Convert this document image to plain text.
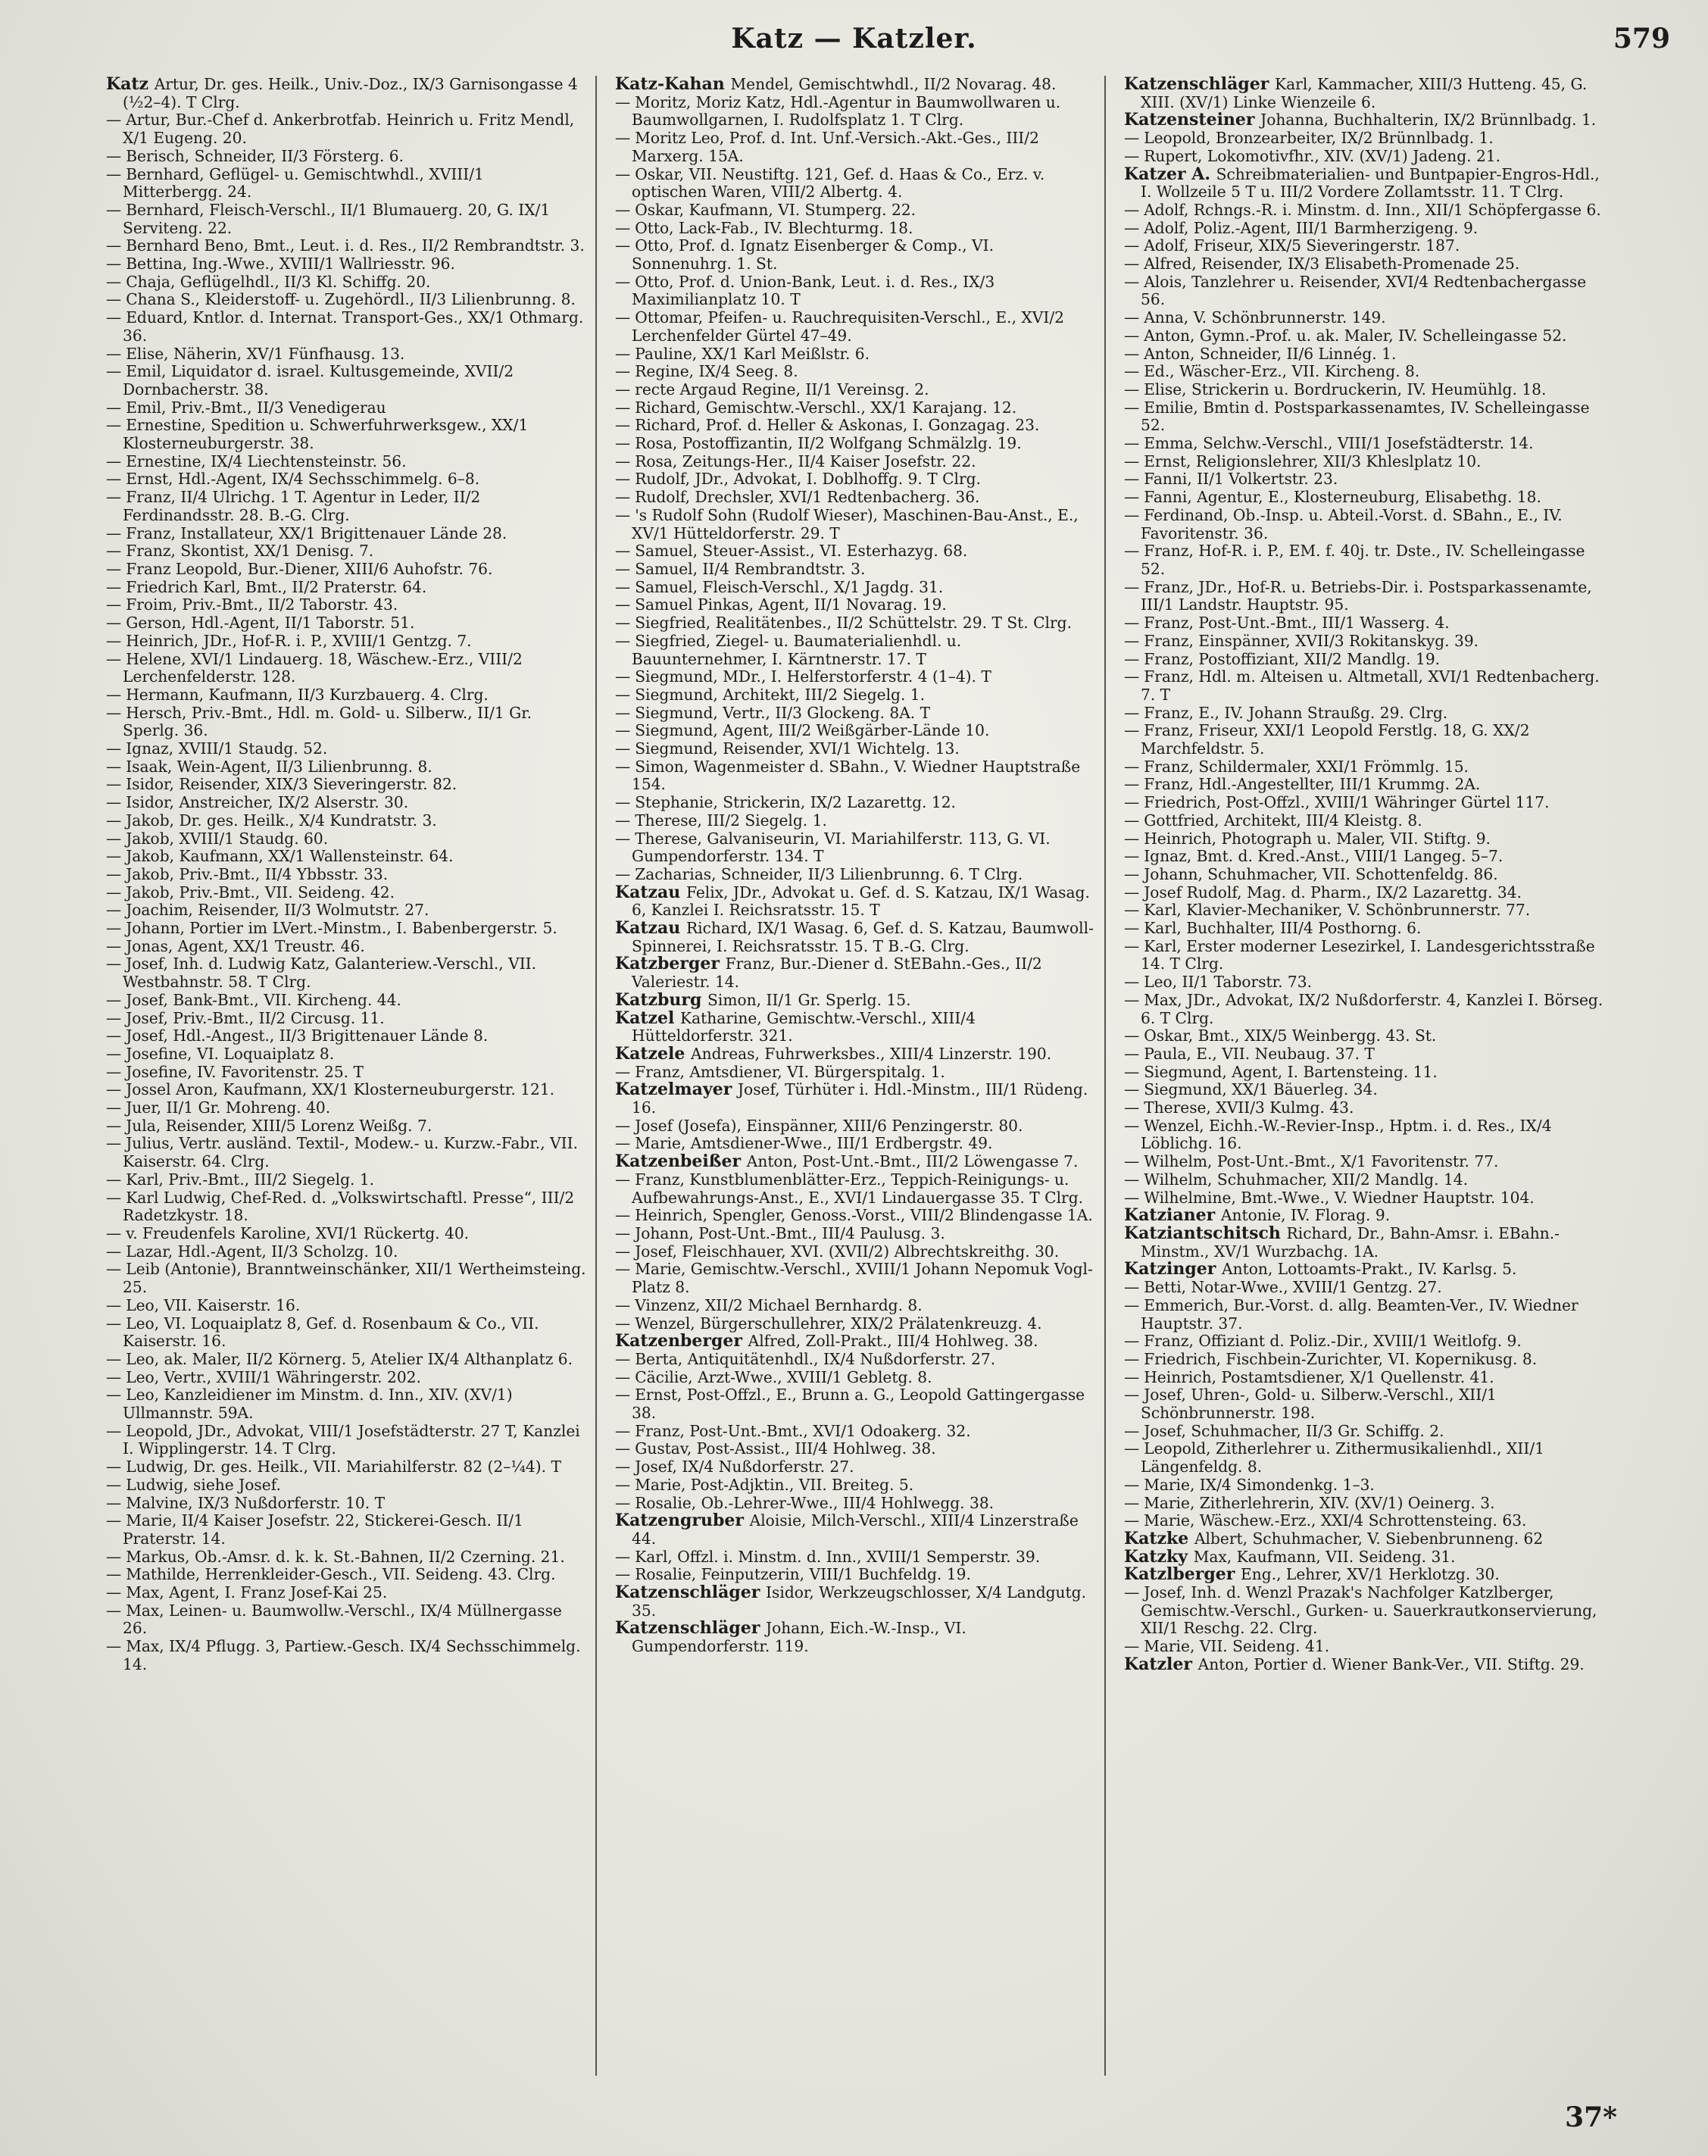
Katz — Katzler.	579
Katz Artur, Dr. ges. Heilk., Univ.-Doz., IX/3 Garnisongasse 4 (½2–4). T Clrg.
— Artur, Bur.-Chef d. Ankerbrotfab. Heinrich u. Fritz Mendl, X/1 Eugeng. 20.
— Berisch, Schneider, II/3 Försterg. 6.
— Bernhard, Geflügel- u. Gemischtwhdl., XVIII/1 Mitterbergg. 24.
— Bernhard, Fleisch-Verschl., II/1 Blumauerg. 20, G. IX/1 Serviteng. 22.
— Bernhard Beno, Bmt., Leut. i. d. Res., II/2 Rembrandtstr. 3.
— Bettina, Ing.-Wwe., XVIII/1 Wallriesstr. 96.
— Chaja, Geflügelhdl., II/3 Kl. Schiffg. 20.
— Chana S., Kleiderstoff- u. Zugehördl., II/3 Lilienbrunng. 8.
— Eduard, Kntlor. d. Internat. Transport-Ges., XX/1 Othmarg. 36.
— Elise, Näherin, XV/1 Fünfhausg. 13.
— Emil, Liquidator d. israel. Kultusgemeinde, XVII/2 Dornbacherstr. 38.
— Emil, Priv.-Bmt., II/3 Venedigerau
— Ernestine, Spedition u. Schwerfuhrwerksgew., XX/1 Klosterneuburgerstr. 38.
— Ernestine, IX/4 Liechtensteinstr. 56.
— Ernst, Hdl.-Agent, IX/4 Sechsschimmelg. 6–8.
— Franz, II/4 Ulrichg. 1 T. Agentur in Leder, II/2 Ferdinandsstr. 28. B.-G. Clrg.
— Franz, Installateur, XX/1 Brigittenauer Lände 28.
— Franz, Skontist, XX/1 Denisg. 7.
— Franz Leopold, Bur.-Diener, XIII/6 Auhofstr. 76.
— Friedrich Karl, Bmt., II/2 Praterstr. 64.
— Froim, Priv.-Bmt., II/2 Taborstr. 43.
— Gerson, Hdl.-Agent, II/1 Taborstr. 51.
— Heinrich, JDr., Hof-R. i. P., XVIII/1 Gentzg. 7.
— Helene, XVI/1 Lindauerg. 18, Wäschew.-Erz., VIII/2 Lerchenfelderstr. 128.
— Hermann, Kaufmann, II/3 Kurzbauerg. 4. Clrg.
— Hersch, Priv.-Bmt., Hdl. m. Gold- u. Silberw., II/1 Gr. Sperlg. 36.
— Ignaz, XVIII/1 Staudg. 52.
— Isaak, Wein-Agent, II/3 Lilienbrunng. 8.
— Isidor, Reisender, XIX/3 Sieveringerstr. 82.
— Isidor, Anstreicher, IX/2 Alserstr. 30.
— Jakob, Dr. ges. Heilk., X/4 Kundratstr. 3.
— Jakob, XVIII/1 Staudg. 60.
— Jakob, Kaufmann, XX/1 Wallensteinstr. 64.
— Jakob, Priv.-Bmt., II/4 Ybbsstr. 33.
— Jakob, Priv.-Bmt., VII. Seideng. 42.
— Joachim, Reisender, II/3 Wolmutstr. 27.
— Johann, Portier im LVert.-Minstm., I. Babenbergerstr. 5.
— Jonas, Agent, XX/1 Treustr. 46.
— Josef, Inh. d. Ludwig Katz, Galanteriew.-Verschl., VII. Westbahnstr. 58. T Clrg.
— Josef, Bank-Bmt., VII. Kircheng. 44.
— Josef, Priv.-Bmt., II/2 Circusg. 11.
— Josef, Hdl.-Angest., II/3 Brigittenauer Lände 8.
— Josefine, VI. Loquaiplatz 8.
— Josefine, IV. Favoritenstr. 25. T
— Jossel Aron, Kaufmann, XX/1 Klosterneuburgerstr. 121.
— Juer, II/1 Gr. Mohreng. 40.
— Jula, Reisender, XIII/5 Lorenz Weißg. 7.
— Julius, Vertr. ausländ. Textil-, Modew.- u. Kurzw.-Fabr., VII. Kaiserstr. 64. Clrg.
— Karl, Priv.-Bmt., III/2 Siegelg. 1.
— Karl Ludwig, Chef-Red. d. „Volkswirtschaftl. Presse“, III/2 Radetzkystr. 18.
— v. Freudenfels Karoline, XVI/1 Rückertg. 40.
— Lazar, Hdl.-Agent, II/3 Scholzg. 10.
— Leib (Antonie), Branntweinschänker, XII/1 Wertheimsteing. 25.
— Leo, VII. Kaiserstr. 16.
— Leo, VI. Loquaiplatz 8, Gef. d. Rosenbaum & Co., VII. Kaiserstr. 16.
— Leo, ak. Maler, II/2 Körnerg. 5, Atelier IX/4 Althanplatz 6.
— Leo, Vertr., XVIII/1 Währingerstr. 202.
— Leo, Kanzleidiener im Minstm. d. Inn., XIV. (XV/1) Ullmannstr. 59A.
— Leopold, JDr., Advokat, VIII/1 Josefstädterstr. 27 T, Kanzlei I. Wipplingerstr. 14. T Clrg.
— Ludwig, Dr. ges. Heilk., VII. Mariahilferstr. 82 (2–¼4). T
— Ludwig, siehe Josef.
— Malvine, IX/3 Nußdorferstr. 10. T
— Marie, II/4 Kaiser Josefstr. 22, Stickerei-Gesch. II/1 Praterstr. 14.
— Markus, Ob.-Amsr. d. k. k. St.-Bahnen, II/2 Czerning. 21.
— Mathilde, Herrenkleider-Gesch., VII. Seideng. 43. Clrg.
— Max, Agent, I. Franz Josef-Kai 25.
— Max, Leinen- u. Baumwollw.-Verschl., IX/4 Müllnergasse 26.
— Max, IX/4 Pflugg. 3, Partiew.-Gesch. IX/4 Sechsschimmelg. 14.
Katz-Kahan Mendel, Gemischtwhdl., II/2 Novarag. 48.
— Moritz, Moriz Katz, Hdl.-Agentur in Baumwollwaren u. Baumwollgarnen, I. Rudolfsplatz 1. T Clrg.
— Moritz Leo, Prof. d. Int. Unf.-Versich.-Akt.-Ges., III/2 Marxerg. 15A.
— Oskar, VII. Neustiftg. 121, Gef. d. Haas & Co., Erz. v. optischen Waren, VIII/2 Albertg. 4.
— Oskar, Kaufmann, VI. Stumperg. 22.
— Otto, Lack-Fab., IV. Blechturmg. 18.
— Otto, Prof. d. Ignatz Eisenberger & Comp., VI. Sonnenuhrg. 1. St.
— Otto, Prof. d. Union-Bank, Leut. i. d. Res., IX/3 Maximilianplatz 10. T
— Ottomar, Pfeifen- u. Rauchrequisiten-Verschl., E., XVI/2 Lerchenfelder Gürtel 47–49.
— Pauline, XX/1 Karl Meißlstr. 6.
— Regine, IX/4 Seeg. 8.
— recte Argaud Regine, II/1 Vereinsg. 2.
— Richard, Gemischtw.-Verschl., XX/1 Karajang. 12.
— Richard, Prof. d. Heller & Askonas, I. Gonzagag. 23.
— Rosa, Postoffizantin, II/2 Wolfgang Schmälzlg. 19.
— Rosa, Zeitungs-Her., II/4 Kaiser Josefstr. 22.
— Rudolf, JDr., Advokat, I. Doblhoffg. 9. T Clrg.
— Rudolf, Drechsler, XVI/1 Redtenbacherg. 36.
— 's Rudolf Sohn (Rudolf Wieser), Maschinen-Bau-Anst., E., XV/1 Hütteldorferstr. 29. T
— Samuel, Steuer-Assist., VI. Esterhazyg. 68.
— Samuel, II/4 Rembrandtstr. 3.
— Samuel, Fleisch-Verschl., X/1 Jagdg. 31.
— Samuel Pinkas, Agent, II/1 Novarag. 19.
— Siegfried, Realitätenbes., II/2 Schüttelstr. 29. T St. Clrg.
— Siegfried, Ziegel- u. Baumaterialienhdl. u. Bauunternehmer, I. Kärntnerstr. 17. T
— Siegmund, MDr., I. Helferstorferstr. 4 (1–4). T
— Siegmund, Architekt, III/2 Siegelg. 1.
— Siegmund, Vertr., II/3 Glockeng. 8A. T
— Siegmund, Agent, III/2 Weißgärber-Lände 10.
— Siegmund, Reisender, XVI/1 Wichtelg. 13.
— Simon, Wagenmeister d. SBahn., V. Wiedner Hauptstraße 154.
— Stephanie, Strickerin, IX/2 Lazarettg. 12.
— Therese, III/2 Siegelg. 1.
— Therese, Galvaniseurin, VI. Mariahilferstr. 113, G. VI. Gumpendorferstr. 134. T
— Zacharias, Schneider, II/3 Lilienbrunng. 6. T Clrg.
Katzau Felix, JDr., Advokat u. Gef. d. S. Katzau, IX/1 Wasag. 6, Kanzlei I. Reichsratsstr. 15. T
Katzau Richard, IX/1 Wasag. 6, Gef. d. S. Katzau, Baumwoll-Spinnerei, I. Reichsratsstr. 15. T B.-G. Clrg.
Katzberger Franz, Bur.-Diener d. StEBahn.-Ges., II/2 Valeriestr. 14.
Katzburg Simon, II/1 Gr. Sperlg. 15.
Katzel Katharine, Gemischtw.-Verschl., XIII/4 Hütteldorferstr. 321.
Katzele Andreas, Fuhrwerksbes., XIII/4 Linzerstr. 190.
— Franz, Amtsdiener, VI. Bürgerspitalg. 1.
Katzelmayer Josef, Türhüter i. Hdl.-Minstm., III/1 Rüdeng. 16.
— Josef (Josefa), Einspänner, XIII/6 Penzingerstr. 80.
— Marie, Amtsdiener-Wwe., III/1 Erdbergstr. 49.
Katzenbeißer Anton, Post-Unt.-Bmt., III/2 Löwengasse 7.
— Franz, Kunstblumenblätter-Erz., Teppich-Reinigungs- u. Aufbewahrungs-Anst., E., XVI/1 Lindauergasse 35. T Clrg.
— Heinrich, Spengler, Genoss.-Vorst., VIII/2 Blindengasse 1A.
— Johann, Post-Unt.-Bmt., III/4 Paulusg. 3.
— Josef, Fleischhauer, XVI. (XVII/2) Albrechtskreithg. 30.
— Marie, Gemischtw.-Verschl., XVIII/1 Johann Nepomuk Vogl-Platz 8.
— Vinzenz, XII/2 Michael Bernhardg. 8.
— Wenzel, Bürgerschullehrer, XIX/2 Prälatenkreuzg. 4.
Katzenberger Alfred, Zoll-Prakt., III/4 Hohlweg. 38.
— Berta, Antiquitätenhdl., IX/4 Nußdorferstr. 27.
— Cäcilie, Arzt-Wwe., XVIII/1 Gebletg. 8.
— Ernst, Post-Offzl., E., Brunn a. G., Leopold Gattingergasse 38.
— Franz, Post-Unt.-Bmt., XVI/1 Odoakerg. 32.
— Gustav, Post-Assist., III/4 Hohlweg. 38.
— Josef, IX/4 Nußdorferstr. 27.
— Marie, Post-Adjktin., VII. Breiteg. 5.
— Rosalie, Ob.-Lehrer-Wwe., III/4 Hohlwegg. 38.
Katzengruber Aloisie, Milch-Verschl., XIII/4 Linzerstraße 44.
— Karl, Offzl. i. Minstm. d. Inn., XVIII/1 Semperstr. 39.
— Rosalie, Feinputzerin, VIII/1 Buchfeldg. 19.
Katzenschläger Isidor, Werkzeugschlosser, X/4 Landgutg. 35.
Katzenschläger Johann, Eich.-W.-Insp., VI. Gumpendorferstr. 119.
Katzenschläger Karl, Kammacher, XIII/3 Hutteng. 45, G. XIII. (XV/1) Linke Wienzeile 6.
Katzensteiner Johanna, Buchhalterin, IX/2 Brünnlbadg. 1.
— Leopold, Bronzearbeiter, IX/2 Brünnlbadg. 1.
— Rupert, Lokomotivfhr., XIV. (XV/1) Jadeng. 21.
Katzer A. Schreibmaterialien- und Buntpapier-Engros-Hdl., I. Wollzeile 5 T u. III/2 Vordere Zollamtsstr. 11. T Clrg.
— Adolf, Rchngs.-R. i. Minstm. d. Inn., XII/1 Schöpfergasse 6.
— Adolf, Poliz.-Agent, III/1 Barmherzigeng. 9.
— Adolf, Friseur, XIX/5 Sieveringerstr. 187.
— Alfred, Reisender, IX/3 Elisabeth-Promenade 25.
— Alois, Tanzlehrer u. Reisender, XVI/4 Redtenbachergasse 56.
— Anna, V. Schönbrunnerstr. 149.
— Anton, Gymn.-Prof. u. ak. Maler, IV. Schelleingasse 52.
— Anton, Schneider, II/6 Linnég. 1.
— Ed., Wäscher-Erz., VII. Kircheng. 8.
— Elise, Strickerin u. Bordruckerin, IV. Heumühlg. 18.
— Emilie, Bmtin d. Postsparkassenamtes, IV. Schelleingasse 52.
— Emma, Selchw.-Verschl., VIII/1 Josefstädterstr. 14.
— Ernst, Religionslehrer, XII/3 Khleslplatz 10.
— Fanni, II/1 Volkertstr. 23.
— Fanni, Agentur, E., Klosterneuburg, Elisabethg. 18.
— Ferdinand, Ob.-Insp. u. Abteil.-Vorst. d. SBahn., E., IV. Favoritenstr. 36.
— Franz, Hof-R. i. P., EM. f. 40j. tr. Dste., IV. Schelleingasse 52.
— Franz, JDr., Hof-R. u. Betriebs-Dir. i. Postsparkassenamte, III/1 Landstr. Hauptstr. 95.
— Franz, Post-Unt.-Bmt., III/1 Wasserg. 4.
— Franz, Einspänner, XVII/3 Rokitanskyg. 39.
— Franz, Postoffiziant, XII/2 Mandlg. 19.
— Franz, Hdl. m. Alteisen u. Altmetall, XVI/1 Redtenbacherg. 7. T
— Franz, E., IV. Johann Straußg. 29. Clrg.
— Franz, Friseur, XXI/1 Leopold Ferstlg. 18, G. XX/2 Marchfeldstr. 5.
— Franz, Schildermaler, XXI/1 Frömmlg. 15.
— Franz, Hdl.-Angestellter, III/1 Krummg. 2A.
— Friedrich, Post-Offzl., XVIII/1 Währinger Gürtel 117.
— Gottfried, Architekt, III/4 Kleistg. 8.
— Heinrich, Photograph u. Maler, VII. Stiftg. 9.
— Ignaz, Bmt. d. Kred.-Anst., VIII/1 Langeg. 5–7.
— Johann, Schuhmacher, VII. Schottenfeldg. 86.
— Josef Rudolf, Mag. d. Pharm., IX/2 Lazarettg. 34.
— Karl, Klavier-Mechaniker, V. Schönbrunnerstr. 77.
— Karl, Buchhalter, III/4 Posthorng. 6.
— Karl, Erster moderner Lesezirkel, I. Landesgerichtsstraße 14. T Clrg.
— Leo, II/1 Taborstr. 73.
— Max, JDr., Advokat, IX/2 Nußdorferstr. 4, Kanzlei I. Börseg. 6. T Clrg.
— Oskar, Bmt., XIX/5 Weinbergg. 43. St.
— Paula, E., VII. Neubaug. 37. T
— Siegmund, Agent, I. Bartensteing. 11.
— Siegmund, XX/1 Bäuerleg. 34.
— Therese, XVII/3 Kulmg. 43.
— Wenzel, Eichh.-W.-Revier-Insp., Hptm. i. d. Res., IX/4 Löblichg. 16.
— Wilhelm, Post-Unt.-Bmt., X/1 Favoritenstr. 77.
— Wilhelm, Schuhmacher, XII/2 Mandlg. 14.
— Wilhelmine, Bmt.-Wwe., V. Wiedner Hauptstr. 104.
Katzianer Antonie, IV. Florag. 9.
Katziantschitsch Richard, Dr., Bahn-Amsr. i. EBahn.-Minstm., XV/1 Wurzbachg. 1A.
Katzinger Anton, Lottoamts-Prakt., IV. Karlsg. 5.
— Betti, Notar-Wwe., XVIII/1 Gentzg. 27.
— Emmerich, Bur.-Vorst. d. allg. Beamten-Ver., IV. Wiedner Hauptstr. 37.
— Franz, Offiziant d. Poliz.-Dir., XVIII/1 Weitlofg. 9.
— Friedrich, Fischbein-Zurichter, VI. Kopernikusg. 8.
— Heinrich, Postamtsdiener, X/1 Quellenstr. 41.
— Josef, Uhren-, Gold- u. Silberw.-Verschl., XII/1 Schönbrunnerstr. 198.
— Josef, Schuhmacher, II/3 Gr. Schiffg. 2.
— Leopold, Zitherlehrer u. Zithermusikalienhdl., XII/1 Längenfeldg. 8.
— Marie, IX/4 Simondenkg. 1–3.
— Marie, Zitherlehrerin, XIV. (XV/1) Oeinerg. 3.
— Marie, Wäschew.-Erz., XXI/4 Schrottensteing. 63.
Katzke Albert, Schuhmacher, V. Siebenbrunneng. 62
Katzky Max, Kaufmann, VII. Seideng. 31.
Katzlberger Eng., Lehrer, XV/1 Herklotzg. 30.
— Josef, Inh. d. Wenzl Prazak's Nachfolger Katzlberger, Gemischtw.-Verschl., Gurken- u. Sauerkrautkonservierung, XII/1 Reschg. 22. Clrg.
— Marie, VII. Seideng. 41.
Katzler Anton, Portier d. Wiener Bank-Ver., VII. Stiftg. 29.
37*
